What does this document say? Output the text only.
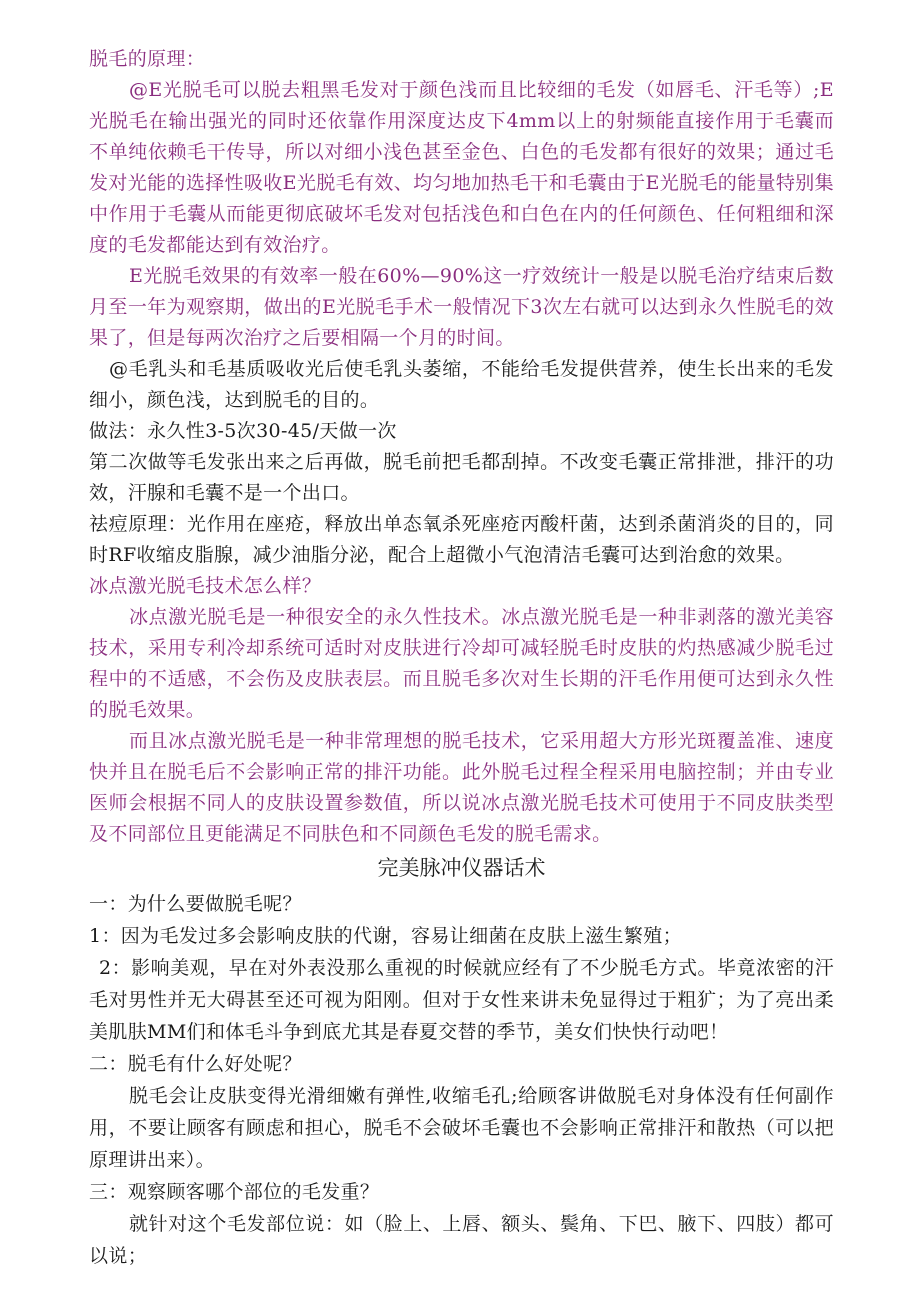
脱毛的原理：

@E光脱毛可以脱去粗黑毛发对于颜色浅而且比较细的毛发（如唇毛、汗毛等）;E光脱毛在输出强光的同时还依靠作用深度达皮下4mm以上的射频能直接作用于毛囊而不单纯依赖毛干传导，所以对细小浅色甚至金色、白色的毛发都有很好的效果；通过毛发对光能的选择性吸收E光脱毛有效、均匀地加热毛干和毛囊由于E光脱毛的能量特别集中作用于毛囊从而能更彻底破坏毛发对包括浅色和白色在内的任何颜色、任何粗细和深度的毛发都能达到有效治疗。

E光脱毛效果的有效率一般在60%—90%这一疗效统计一般是以脱毛治疗结束后数月至一年为观察期，做出的E光脱毛手术一般情况下3次左右就可以达到永久性脱毛的效果了，但是每两次治疗之后要相隔一个月的时间。

@毛乳头和毛基质吸收光后使毛乳头萎缩，不能给毛发提供营养，使生长出来的毛发细小，颜色浅，达到脱毛的目的。

做法：永久性3-5次30-45/天做一次

第二次做等毛发张出来之后再做，脱毛前把毛都刮掉。不改变毛囊正常排泄，排汗的功效，汗腺和毛囊不是一个出口。

祛痘原理：光作用在座疮，释放出单态氧杀死座疮丙酸杆菌，达到杀菌消炎的目的，同时RF收缩皮脂腺，减少油脂分泌，配合上超微小气泡清洁毛囊可达到治愈的效果。

冰点激光脱毛技术怎么样？

冰点激光脱毛是一种很安全的永久性技术。冰点激光脱毛是一种非剥落的激光美容技术，采用专利冷却系统可适时对皮肤进行冷却可减轻脱毛时皮肤的灼热感减少脱毛过程中的不适感，不会伤及皮肤表层。而且脱毛多次对生长期的汗毛作用便可达到永久性的脱毛效果。

而且冰点激光脱毛是一种非常理想的脱毛技术，它采用超大方形光斑覆盖准、速度快并且在脱毛后不会影响正常的排汗功能。此外脱毛过程全程采用电脑控制；并由专业医师会根据不同人的皮肤设置参数值，所以说冰点激光脱毛技术可使用于不同皮肤类型及不同部位且更能满足不同肤色和不同颜色毛发的脱毛需求。

完美脉冲仪器话术

一：为什么要做脱毛呢？

1：因为毛发过多会影响皮肤的代谢，容易让细菌在皮肤上滋生繁殖；

2：影响美观，早在对外表没那么重视的时候就应经有了不少脱毛方式。毕竟浓密的汗毛对男性并无大碍甚至还可视为阳刚。但对于女性来讲未免显得过于粗犷；为了亮出柔美肌肤MM们和体毛斗争到底尤其是春夏交替的季节，美女们快快行动吧！

二：脱毛有什么好处呢？

脱毛会让皮肤变得光滑细嫩有弹性,收缩毛孔;给顾客讲做脱毛对身体没有任何副作用，不要让顾客有顾虑和担心，脱毛不会破坏毛囊也不会影响正常排汗和散热（可以把原理讲出来）。

三：观察顾客哪个部位的毛发重？

就针对这个毛发部位说：如（脸上、上唇、额头、鬓角、下巴、腋下、四肢）都可以说；
